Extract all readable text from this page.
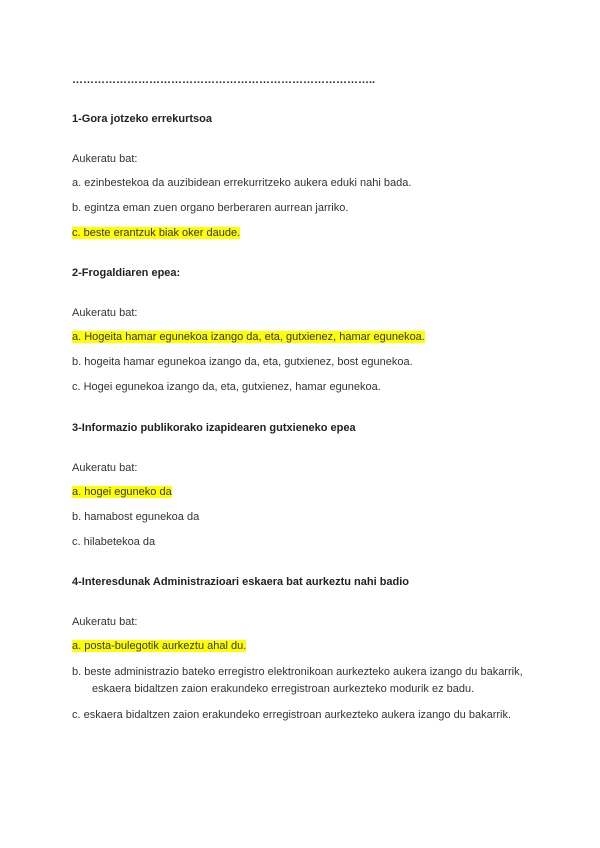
………………………………………………………………………..

1-Gora jotzeko errekurtsoa

Aukeratu bat:
a. ezinbestekoa da auzibidean errekurritzeko aukera eduki nahi bada.
b. egintza eman zuen organo berberaren aurrean jarriko.
c. beste erantzuk biak oker daude.

2-Frogaldiaren epea:

Aukeratu bat:
a. Hogeita hamar egunekoa izango da, eta, gutxienez, hamar egunekoa.
b. hogeita hamar egunekoa izango da, eta, gutxienez, bost egunekoa.
c. Hogei egunekoa izango da, eta, gutxienez, hamar egunekoa.

3-Informazio publikorako izapidearen gutxieneko epea

Aukeratu bat:
a. hogei eguneko da
b. hamabost egunekoa da
c. hilabetekoa da

4-Interesdunak Administrazioari eskaera bat aurkeztu nahi badio

Aukeratu bat:
a. posta-bulegotik aurkeztu ahal du.
b. beste administrazio bateko erregistro elektronikoan aurkezteko aukera izango du bakarrik, eskaera bidaltzen zaion erakundeko erregistroan aurkezteko modurik ez badu.
c. eskaera bidaltzen zaion erakundeko erregistroan aurkezteko aukera izango du bakarrik.
